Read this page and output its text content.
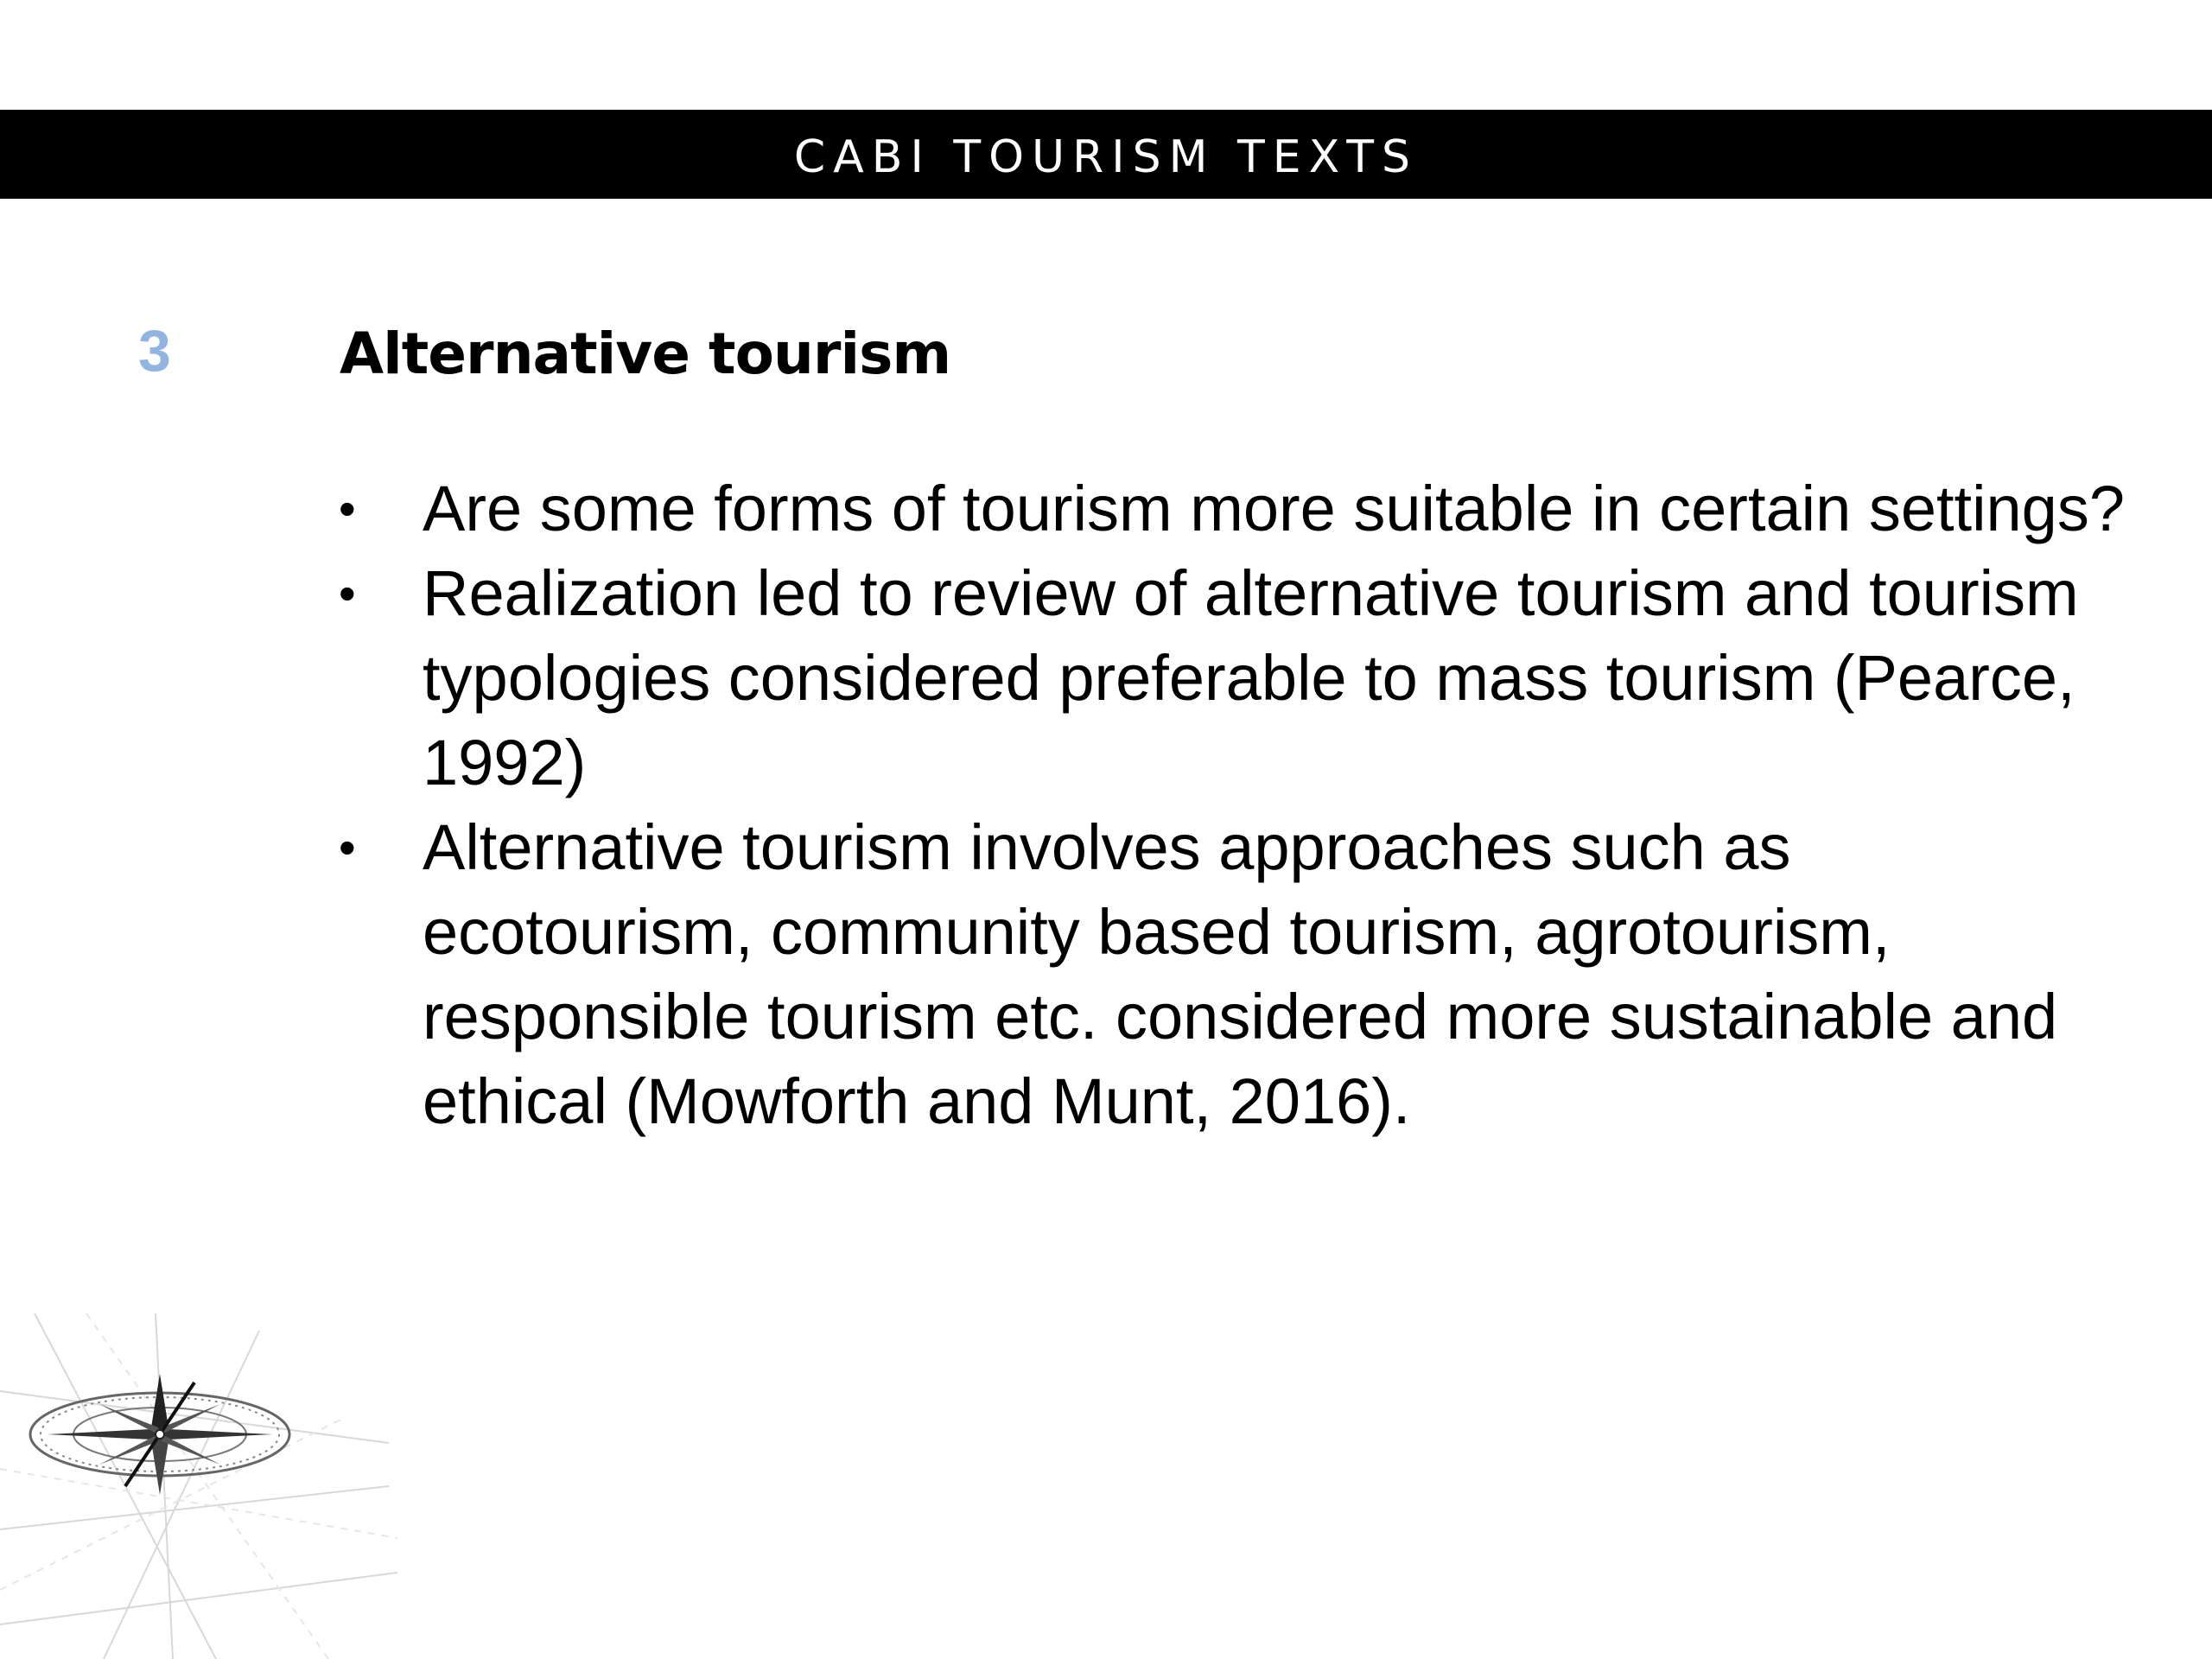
CABI TOURISM TEXTS
3	Alternative tourism
• Are some forms of tourism more suitable in certain settings?
• Realization led to review of alternative tourism and tourism typologies considered preferable to mass tourism (Pearce, 1992)
• Alternative tourism involves approaches such as ecotourism, community based tourism, agrotourism, responsible tourism etc. considered more sustainable and ethical (Mowforth and Munt, 2016).
